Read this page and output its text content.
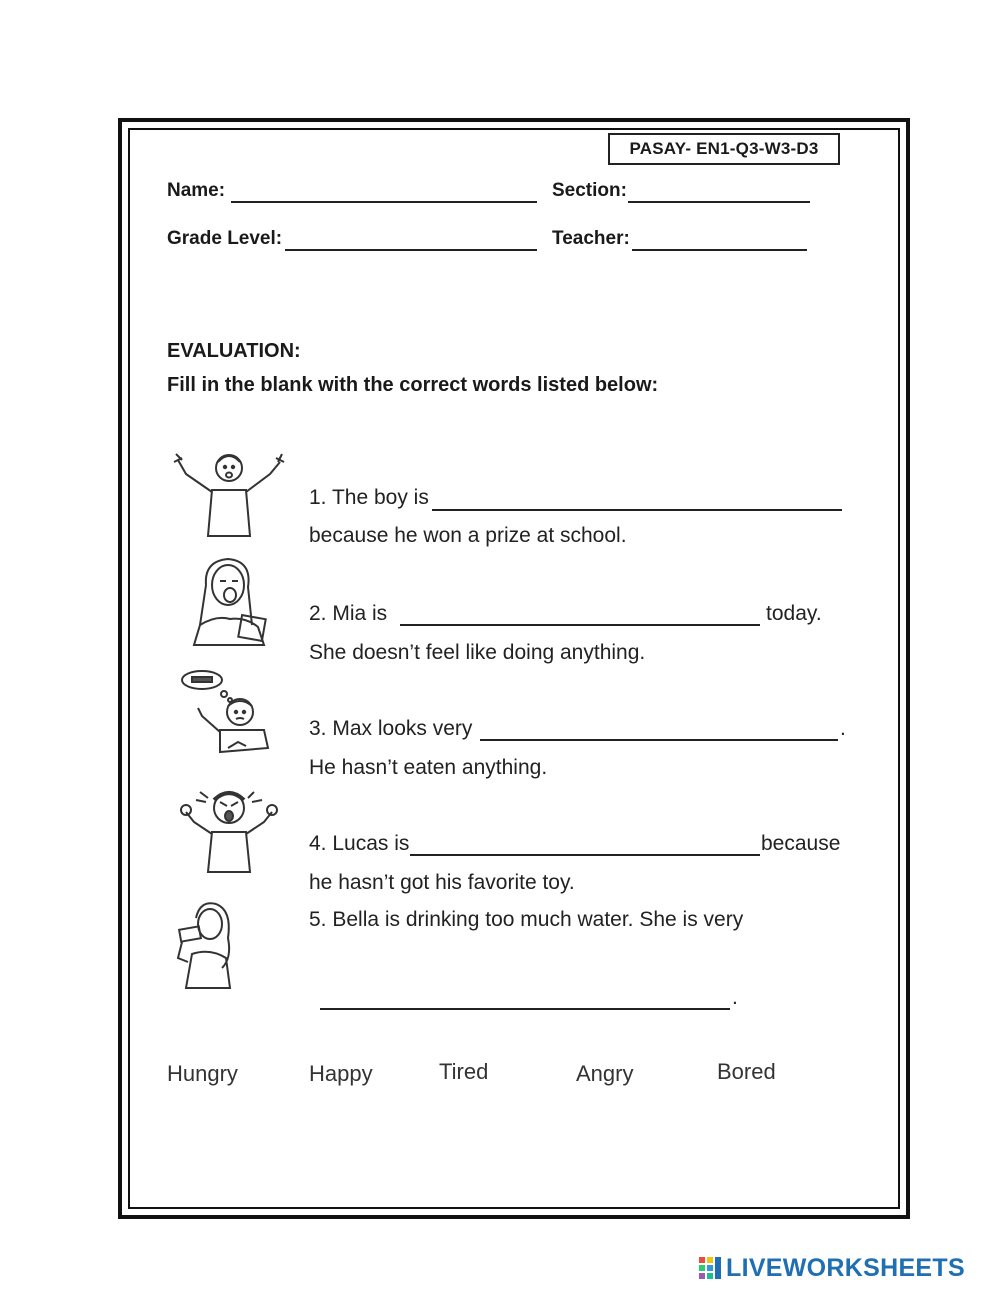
PASAY- EN1-Q3-W3-D3
Name:	Section:
Grade Level:	Teacher:
EVALUATION:
Fill in the blank with the correct words listed below:
1. The boy is
because he won a prize at school.
2. Mia is	today.
She doesn’t feel like doing anything.
3. Max looks very	.
He hasn’t eaten anything.
4. Lucas is	because
he hasn’t got his favorite toy.
5. Bella is drinking too much water. She is very
.
Hungry	Happy	Tired	Angry	Bored
LIVEWORKSHEETS
